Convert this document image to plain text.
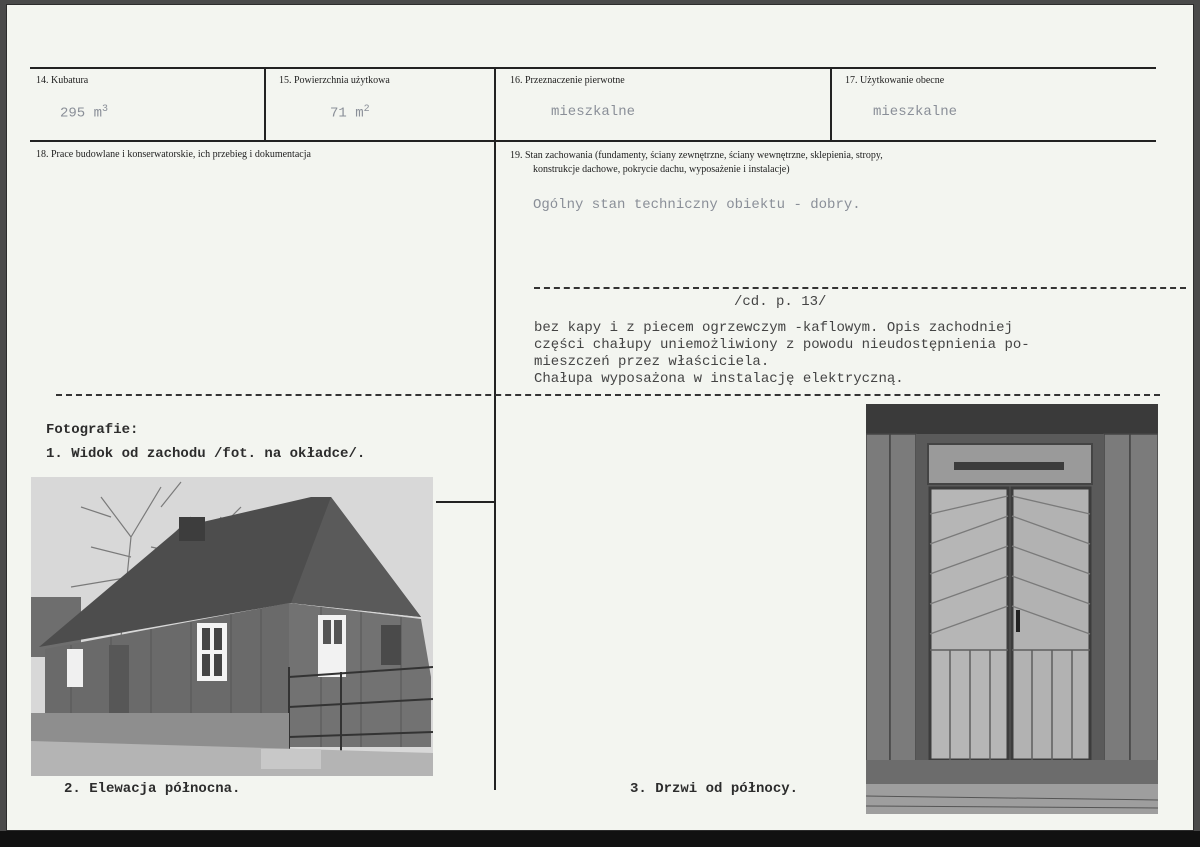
14. Kubatura
295 $m^3$
15. Powierzchnia użytkowa
71 $m^2$
16. Przeznaczenie pierwotne
mieszkalne
17. Użytkowanie obecne
mieszkalne
18. Prace budowlane i konserwatorskie, ich przebieg i dokumentacja	19. Stan zachowania (fundamenty, ściany zewnętrzne, ściany wewnętrzne, sklepienia, stropy,
konstrukcje dachowe, pokrycie dachu, wyposażenie i instalacje)
Ogólny stan techniczny obiektu - dobry.
/cd. p. 13/
bez kapy i z piecem ogrzewczym -kaflowym. Opis zachodniej
części chałupy uniemożliwiony z powodu nieudostępnienia po-
mieszczeń przez właściciela.
Chałupa wyposażona w instalację elektryczną.
Fotografie:
1. Widok od zachodu /fot. na okładce/.
2. Elewacja północna.	3. Drzwi od północy.
